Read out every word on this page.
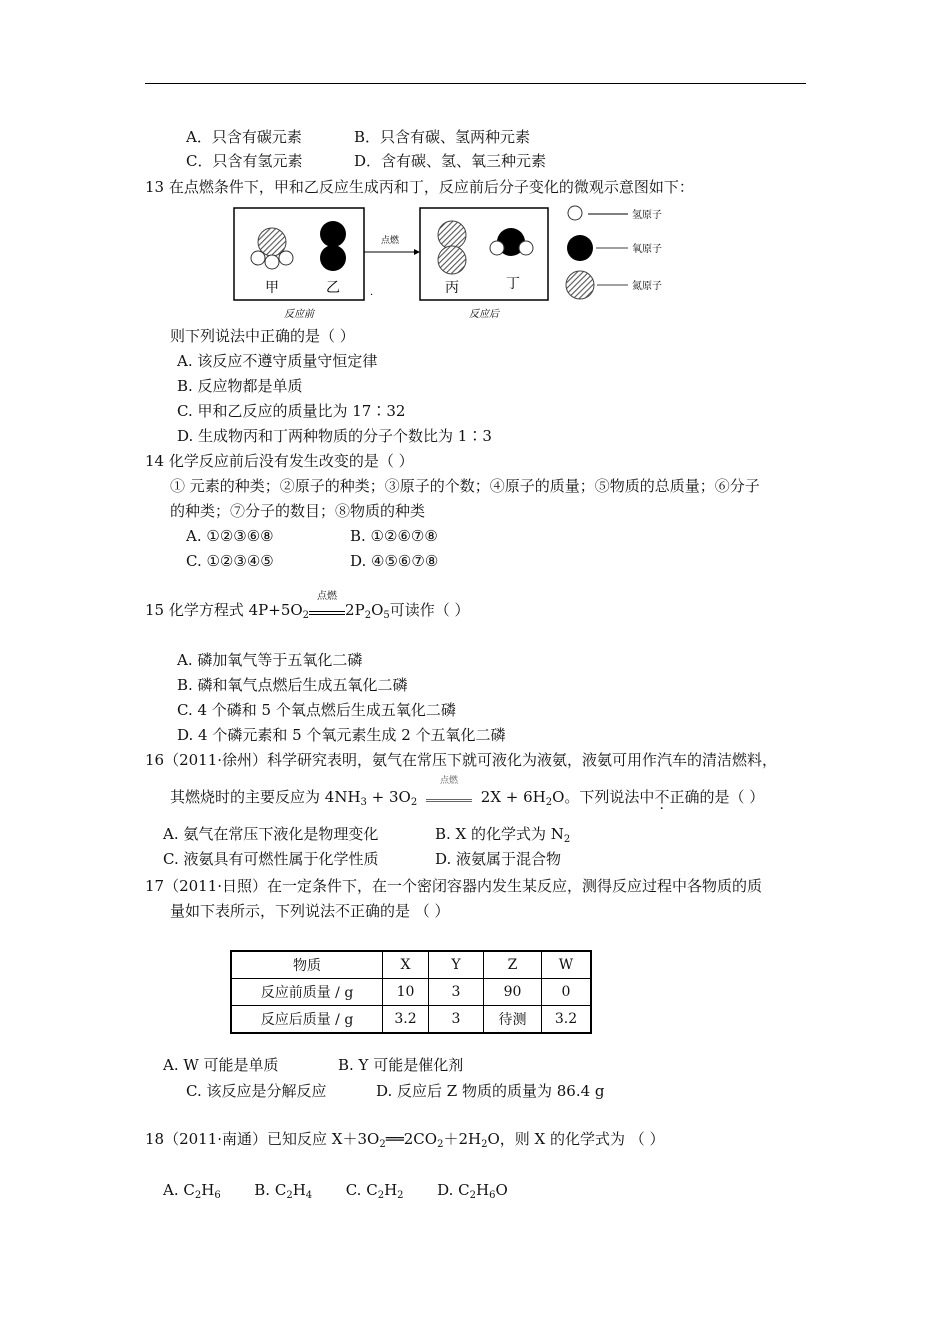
A．只含有碳元素	B．只含有碳、氢两种元素
C．只含有氢元素	D．含有碳、氢、氧三种元素
13 在点燃条件下，甲和乙反应生成丙和丁，反应前后分子变化的微观示意图如下：
甲	乙	·
点燃
丙	丁
反应前	反应后
氢原子
氧原子
氮原子
则下列说法中正确的是（ ）
A. 该反应不遵守质量守恒定律
B. 反应物都是单质
C. 甲和乙反应的质量比为 17∶32
D. 生成物丙和丁两种物质的分子个数比为 1∶3
14 化学反应前后没有发生改变的是（ ）
① 元素的种类；②原子的种类；③原子的个数；④原子的质量；⑤物质的总质量；⑥分子
的种类；⑦分子的数目；⑧物质的种类
A. ①②③⑥⑧	B. ①②⑥⑦⑧
C. ①②③④⑤	D. ④⑤⑥⑦⑧
15 化学方程式 $4P+5O_2$
点燃
$2P_2O_5$可读作（ ）
A. 磷加氧气等于五氧化二磷
B. 磷和氧气点燃后生成五氧化二磷
C. 4 个磷和 5 个氧点燃后生成五氧化二磷
D. 4 个磷元素和 5 个氧元素生成 2 个五氧化二磷
16（2011·徐州）科学研究表明，氨气在常压下就可液化为液氨，液氨可用作汽车的清洁燃料，
其燃烧时的主要反应为 $4NH_3 + 3O_2$
点燃
$2X + 6H_2O$。下列说法中不正确的是（ ）
A. 氨气在常压下液化是物理变化	B. X 的化学式为 $N_2$
C. 液氨具有可燃性属于化学性质	D. 液氨属于混合物
17（2011·日照）在一定条件下，在一个密闭容器内发生某反应，测得反应过程中各物质的质
量如下表所示，下列说法不正确的是 （ ）
物质	X	Y	Z	W
反应前质量 / g	10	3	90	0
反应后质量 / g	3.2	3	待测	3.2
A. W 可能是单质	B. Y 可能是催化剂
C. 该反应是分解反应	D. 反应后 Z 物质的质量为 86.4 g
18（2011·南通）已知反应 $X+3O_2══2CO_2+2H_2O$，则 X 的化学式为 （ ）
A. $C_2H_6$ B. $C_2H_4$ C. $C_2H_2$ D. $C_2H_6O$
